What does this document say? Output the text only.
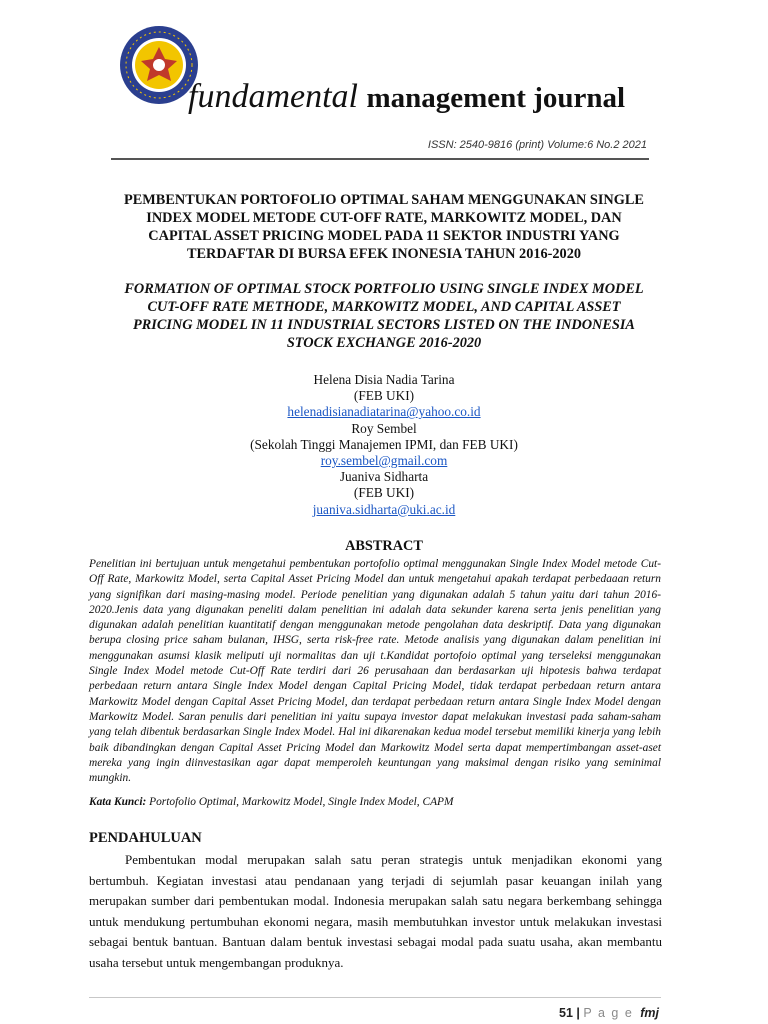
fundamental management journal
ISSN: 2540-9816 (print) Volume:6 No.2 2021
PEMBENTUKAN PORTOFOLIO OPTIMAL SAHAM MENGGUNAKAN SINGLE
INDEX MODEL METODE CUT-OFF RATE, MARKOWITZ MODEL, DAN
CAPITAL ASSET PRICING MODEL PADA 11 SEKTOR INDUSTRI YANG
TERDAFTAR DI BURSA EFEK INONESIA TAHUN 2016-2020
FORMATION OF OPTIMAL STOCK PORTFOLIO USING SINGLE INDEX MODEL
CUT-OFF RATE METHODE, MARKOWITZ MODEL, AND CAPITAL ASSET
PRICING MODEL IN 11 INDUSTRIAL SECTORS LISTED ON THE INDONESIA
STOCK EXCHANGE 2016-2020
Helena Disia Nadia Tarina
(FEB UKI)
helenadisianadiatarina@yahoo.co.id
Roy Sembel
(Sekolah Tinggi Manajemen IPMI, dan FEB UKI)
roy.sembel@gmail.com
Juaniva Sidharta
(FEB UKI)
juaniva.sidharta@uki.ac.id
ABSTRACT
Penelitian ini bertujuan untuk mengetahui pembentukan portofolio optimal menggunakan Single Index Model metode Cut-Off Rate, Markowitz Model, serta Capital Asset Pricing Model dan untuk mengetahui apakah terdapat perbedaaan return yang signifikan dari masing-masing model. Periode penelitian yang digunakan adalah 5 tahun yaitu dari tahun 2016-2020.Jenis data yang digunakan peneliti dalam penelitian ini adalah data sekunder karena serta jenis penelitian yang digunakan adalah penelitian kuantitatif dengan menggunakan metode pengolahan data deskriptif. Data yang digunakan berupa closing price saham bulanan, IHSG, serta risk-free rate. Metode analisis yang digunakan dalam penelitian ini menggunakan asumsi klasik meliputi uji normalitas dan uji t.Kandidat portofoio optimal yang terseleksi menggunakan Single Index Model metode Cut-Off Rate terdiri dari 26 perusahaan dan berdasarkan uji hipotesis bahwa terdapat perbedaan return antara Single Index Model dengan Capital Pricing Model, tidak terdapat perbedaan return antara Markowitz Model dengan Capital Asset Pricing Model, dan terdapat perbedaan return antara Single Index Model dengan Markowitz Model. Saran penulis dari penelitian ini yaitu supaya investor dapat melakukan investasi pada saham-saham yang telah dibentuk berdasarkan Single Index Model. Hal ini dikarenakan kedua model tersebut memiliki kinerja yang lebih baik dibandingkan dengan Capital Asset Pricing Model dan Markowitz Model serta dapat mempertimbangan asset-aset mereka yang ingin diinvestasikan agar dapat memperoleh keuntungan yang maksimal dengan risiko yang seminimal mungkin.
Kata Kunci: Portofolio Optimal, Markowitz Model, Single Index Model, CAPM
PENDAHULUAN
Pembentukan modal merupakan salah satu peran strategis untuk menjadikan ekonomi yang bertumbuh. Kegiatan investasi atau pendanaan yang terjadi di sejumlah pasar keuangan inilah yang merupakan sumber dari pembentukan modal. Indonesia merupakan salah satu negara berkembang sehingga untuk mendukung pertumbuhan ekonomi negara, masih membutuhkan investor untuk melakukan investasi sebagai bentuk bantuan. Bantuan dalam bentuk investasi sebagai modal pada suatu usaha, akan membantu usaha tersebut untuk mengembangan produknya.
51 | P a g e fmj
